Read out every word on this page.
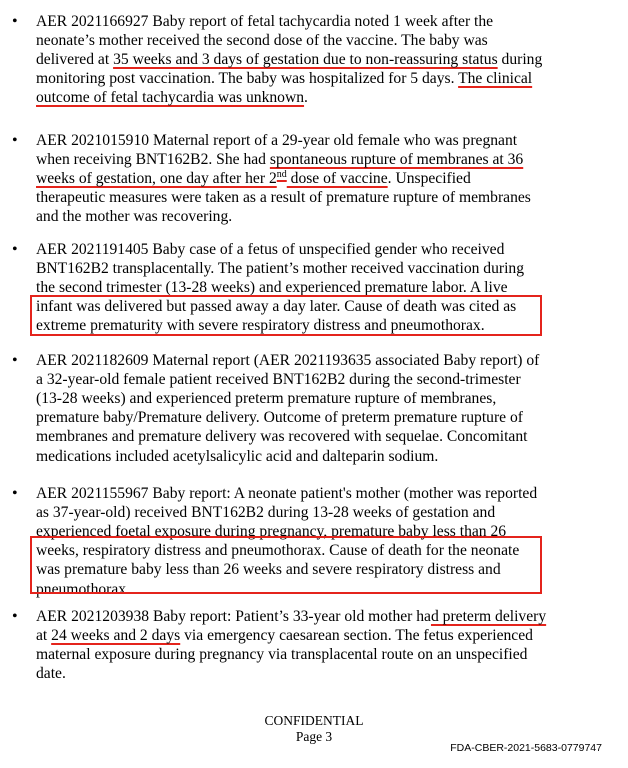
• AER 2021166927 Baby report of fetal tachycardia noted 1 week after the
neonate’s mother received the second dose of the vaccine. The baby was
delivered at 35 weeks and 3 days of gestation due to non-reassuring status during
monitoring post vaccination. The baby was hospitalized for 5 days. The clinical
outcome of fetal tachycardia was unknown.
• AER 2021015910 Maternal report of a 29-year old female who was pregnant
when receiving BNT162B2. She had spontaneous rupture of membranes at 36
weeks of gestation, one day after her 2nd dose of vaccine. Unspecified
therapeutic measures were taken as a result of premature rupture of membranes
and the mother was recovering.
• AER 2021191405 Baby case of a fetus of unspecified gender who received
BNT162B2 transplacentally. The patient’s mother received vaccination during
the second trimester (13-28 weeks) and experienced premature labor. A live
infant was delivered but passed away a day later. Cause of death was cited as
extreme prematurity with severe respiratory distress and pneumothorax.
• AER 2021182609 Maternal report (AER 2021193635 associated Baby report) of
a 32-year-old female patient received BNT162B2 during the second-trimester
(13-28 weeks) and experienced preterm premature rupture of membranes,
premature baby/Premature delivery. Outcome of preterm premature rupture of
membranes and premature delivery was recovered with sequelae. Concomitant
medications included acetylsalicylic acid and dalteparin sodium.
• AER 2021155967 Baby report: A neonate patient's mother (mother was reported
as 37-year-old) received BNT162B2 during 13-28 weeks of gestation and
experienced foetal exposure during pregnancy, premature baby less than 26
weeks, respiratory distress and pneumothorax. Cause of death for the neonate
was premature baby less than 26 weeks and severe respiratory distress and
pneumothorax.
• AER 2021203938 Baby report: Patient’s 33-year old mother had preterm delivery
at 24 weeks and 2 days via emergency caesarean section. The fetus experienced
maternal exposure during pregnancy via transplacental route on an unspecified
date.
CONFIDENTIAL
Page 3
FDA-CBER-2021-5683-0779747
